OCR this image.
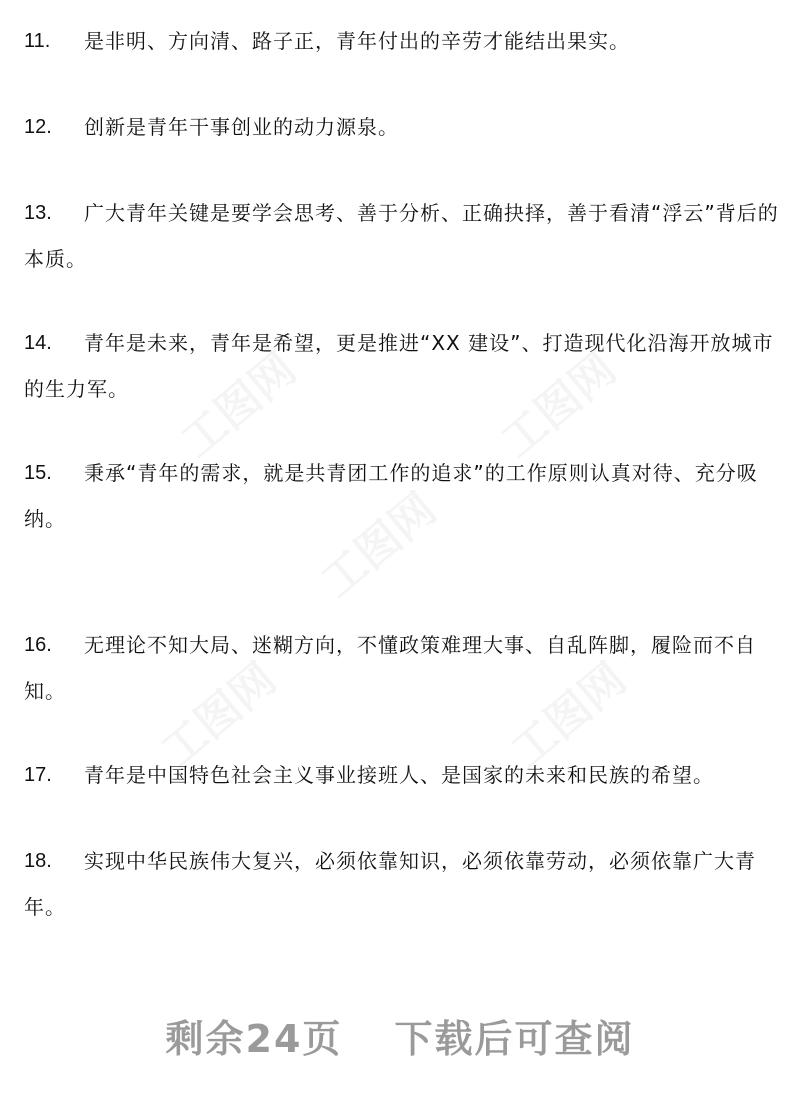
11.	是非明、方向清、路子正，青年付出的辛劳才能结出果实。
12.	创新是青年干事创业的动力源泉。
13.	广大青年关键是要学会思考、善于分析、正确抉择，善于看清“浮云”背后的本质。
14.	青年是未来，青年是希望，更是推进“XX 建设”、打造现代化沿海开放城市的生力军。
15.	秉承“青年的需求，就是共青团工作的追求”的工作原则认真对待、充分吸纳。
16.	无理论不知大局、迷糊方向，不懂政策难理大事、自乱阵脚，履险而不自知。
17.	青年是中国特色社会主义事业接班人、是国家的未来和民族的希望。
18.	实现中华民族伟大复兴，必须依靠知识，必须依靠劳动，必须依靠广大青年。
剩余24页 下载后可查阅
